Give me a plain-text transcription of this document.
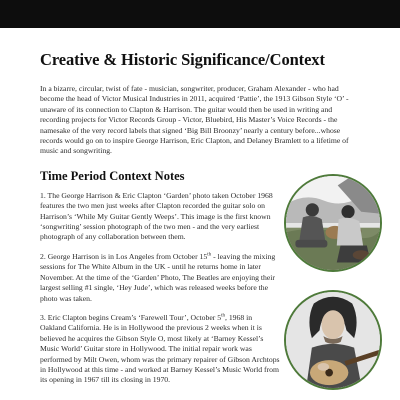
Creative & Historic Significance/Context

In a bizarre, circular, twist of fate - musician, songwriter, producer, Graham Alexander - who had become the head of Victor Musical Industries in 2011, acquired ‘Pattie’, the 1913 Gibson Style ‘O’ - unaware of its connection to Clapton & Harrison. The guitar would then be used in writing and recording projects for Victor Records Group - Victor, Bluebird, His Master’s Voice Records - the namesake of the very record labels that signed ‘Big Bill Broonzy’ nearly a century before...whose records would go on to inspire George Harrison, Eric Clapton, and Delaney Bramlett to a lifetime of music and songwriting.

Time Period Context Notes

1. The George Harrison & Eric Clapton ‘Garden’ photo taken October 1968 features the two men just weeks after Clapton recorded the guitar solo on Harrison’s ‘While My Guitar Gently Weeps’. This image is the first known ‘songwriting’ session photograph of the two men - and the very earliest photograph of any collaboration between them.

2. George Harrison is in Los Angeles from October 15th - leaving the mixing sessions for The White Album in the UK - until he returns home in later November. At the time of the ‘Garden’ Photo, The Beatles are enjoying their largest selling #1 single, ‘Hey Jude’, which was released weeks before the photo was taken.

3. Eric Clapton begins Cream’s ‘Farewell Tour’, October 5th, 1968 in Oakland California. He is in Hollywood the previous 2 weeks when it is believed he acquires the Gibson Style O, most likely at ‘Barney Kessel’s Music World’ Guitar store in Hollywood. The initial repair work was performed by Milt Owen, whom was the primary repairer of Gibson Archtops in Hollywood at this time - and worked at Barney Kessel’s Music World from its opening in 1967 till its closing in 1970.
